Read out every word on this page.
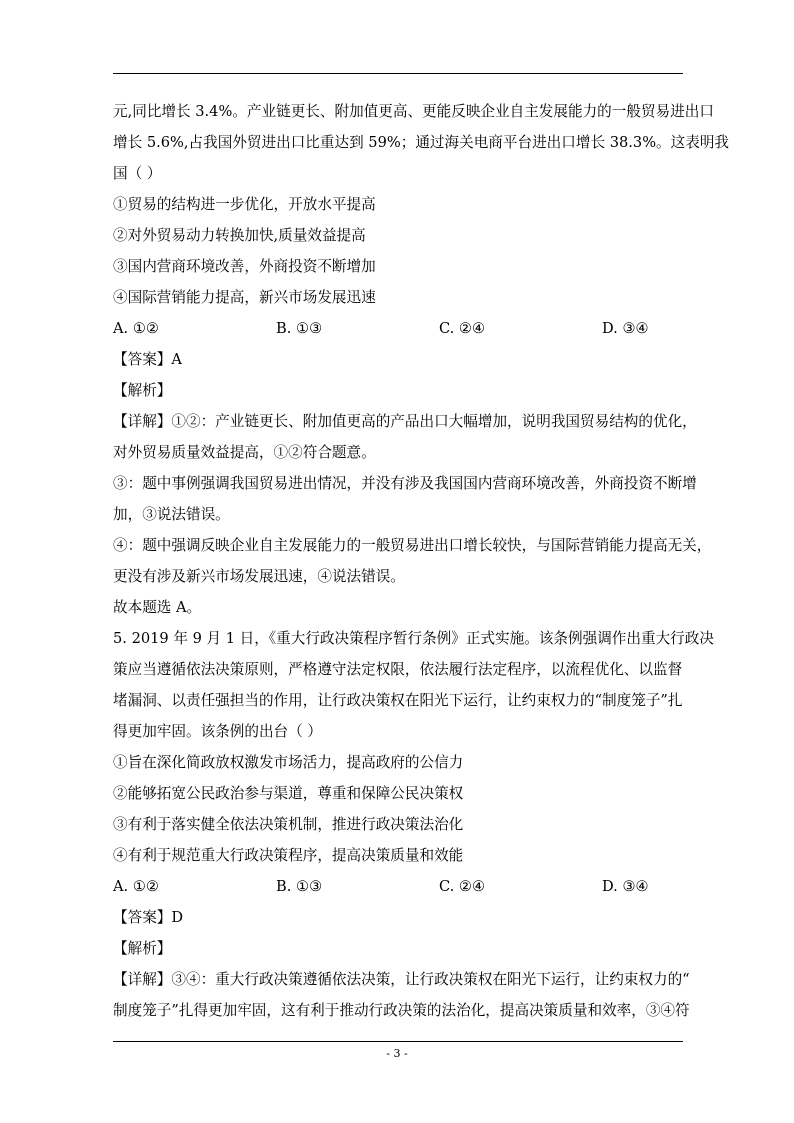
元,同比增长 3.4%。产业链更长、附加值更高、更能反映企业自主发展能力的一般贸易进出口
增长 5.6%,占我国外贸进出口比重达到 59%；通过海关电商平台进出口增长 38.3%。这表明我
国（ ）
①贸易的结构进一步优化，开放水平提高
②对外贸易动力转换加快,质量效益提高
③国内营商环境改善，外商投资不断增加
④国际营销能力提高，新兴市场发展迅速
A. ①②	B. ①③	C. ②④	D. ③④
【答案】A
【解析】
【详解】①②：产业链更长、附加值更高的产品出口大幅增加，说明我国贸易结构的优化，
对外贸易质量效益提高，①②符合题意。
③：题中事例强调我国贸易进出情况，并没有涉及我国国内营商环境改善，外商投资不断增
加，③说法错误。
④：题中强调反映企业自主发展能力的一般贸易进出口增长较快，与国际营销能力提高无关，
更没有涉及新兴市场发展迅速，④说法错误。
故本题选 A。
5. 2019 年 9 月 1 日，《重大行政决策程序暂行条例》正式实施。该条例强调作出重大行政决
策应当遵循依法决策原则，严格遵守法定权限，依法履行法定程序，以流程优化、以监督
堵漏洞、以责任强担当的作用，让行政决策权在阳光下运行，让约束权力的“制度笼子”扎
得更加牢固。该条例的出台（ ）
①旨在深化简政放权激发市场活力，提高政府的公信力
②能够拓宽公民政治参与渠道，尊重和保障公民决策权
③有利于落实健全依法决策机制，推进行政决策法治化
④有利于规范重大行政决策程序，提高决策质量和效能
A. ①②	B. ①③	C. ②④	D. ③④
【答案】D
【解析】
【详解】③④：重大行政决策遵循依法决策，让行政决策权在阳光下运行，让约束权力的“
制度笼子”扎得更加牢固，这有利于推动行政决策的法治化，提高决策质量和效率，③④符
- 3 -
